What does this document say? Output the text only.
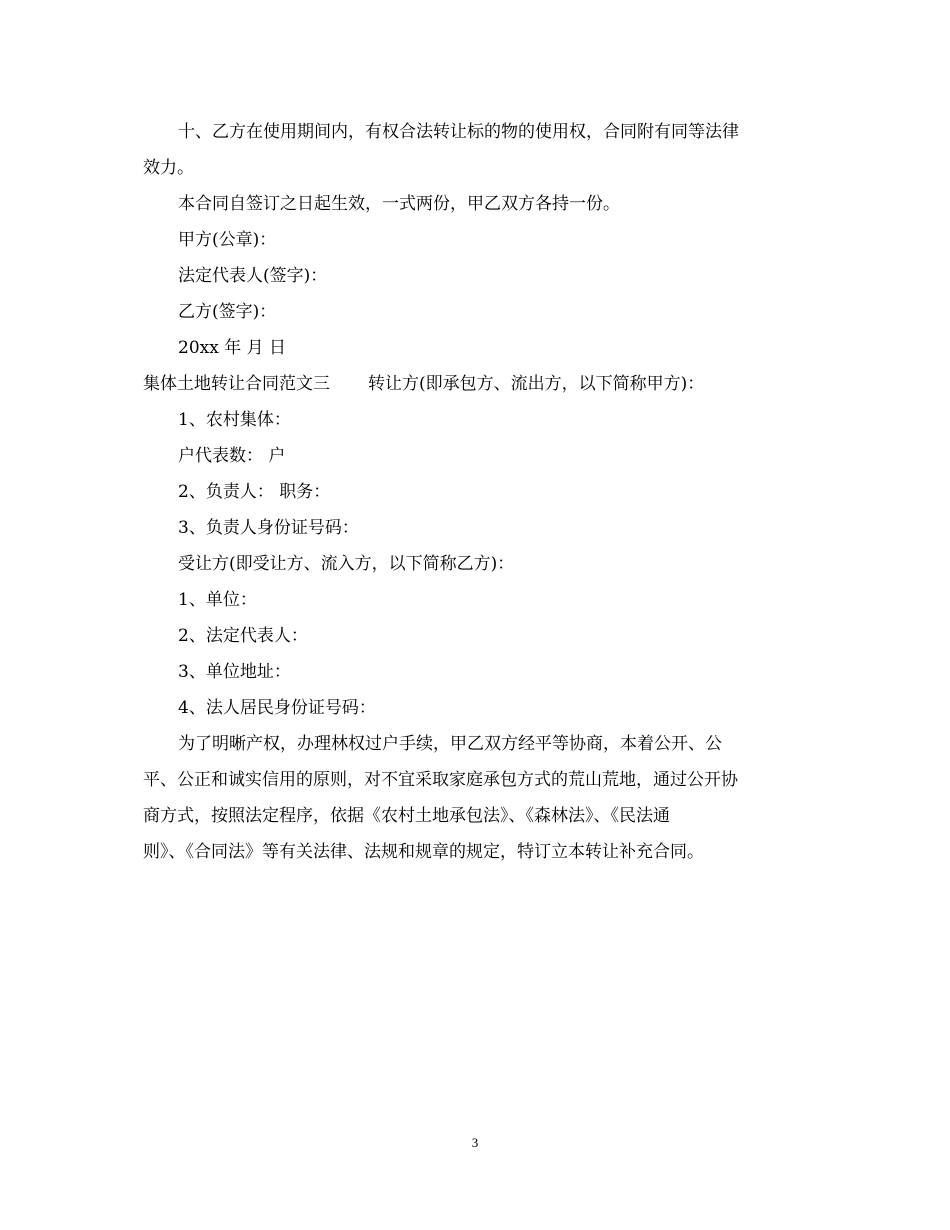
十、乙方在使用期间内，有权合法转让标的物的使用权，合同附有同等法律

效力。

本合同自签订之日起生效，一式两份，甲乙双方各持一份。

甲方(公章)：

法定代表人(签字)：

乙方(签字)：

20xx 年 月 日

集体土地转让合同范文三 转让方(即承包方、流出方，以下简称甲方)：

1、农村集体：

户代表数： 户

2、负责人： 职务：

3、负责人身份证号码：

受让方(即受让方、流入方，以下简称乙方)：

1、单位：

2、法定代表人：

3、单位地址：

4、法人居民身份证号码：

为了明晰产权，办理林权过户手续，甲乙双方经平等协商，本着公开、公

平、公正和诚实信用的原则，对不宜采取家庭承包方式的荒山荒地，通过公开协

商方式，按照法定程序，依据《农村土地承包法》、《森林法》、《民法通

则》、《合同法》等有关法律、法规和规章的规定，特订立本转让补充合同。

3
